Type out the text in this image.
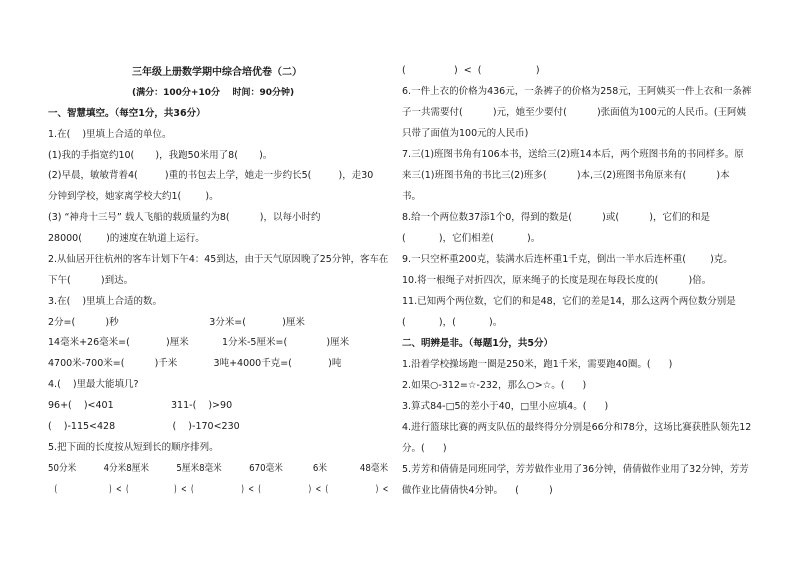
三年级上册数学期中综合培优卷（二）
(满分：100分+10分    时间：90分钟)
一、智慧填空。（每空1分，共36分）
1.在(    )里填上合适的单位。
(1)我的手指宽约10(       )，我跑50米用了8(       )。
(2)早晨，敏敏背着4(         )重的书包去上学，她走一步约长5(         )，走30
分钟到学校，她家离学校大约1(        )。
(3) “神舟十三号” 载人飞船的载质量约为8(          )，以每小时约
28000(        )的速度在轨道上运行。
2.从仙居开往杭州的客车计划下午4：45到达，由于天气原因晚了25分钟，客车在
下午(          )到达。
3.在(    )里填上合适的数。
2分=(          )秒                              3分米=(            )厘米
14毫米+26毫米=(            )厘米           1分米-5厘米=(             )厘米
4700米-700米=(          )千米            3吨+4000千克=(            )吨
4.(    )里最大能填几?
96+(    )<401                   311-(    )>90
(    )-115<428                   (    )-170<230
5.把下面的长度按从短到长的顺序排列。
50分米          4分米8厘米          5厘米8毫米          670毫米           6米            48毫米
(                        )  <  (                     )  <  (                      )  <  (                      )  <  (                      )  <
(                )  <  (                  )
6.一件上衣的价格为436元，一条裤子的价格为258元，王阿姨买一件上衣和一条裤
子一共需要付(          )元，她至少要付(          )张面值为100元的人民币。(王阿姨
只带了面值为100元的人民币)
7.三(1)班图书角有106本书，送给三(2)班14本后，两个班图书角的书同样多。原
来三(1)班图书角的书比三(2)班多(          )本,三(2)班图书角原来有(          )本
书。
8.给一个两位数37添1个0，得到的数是(          )或(          )，它们的和是
(           )，它们相差(           )。
9.一只空杯重200克，装满水后连杯重1千克，倒出一半水后连杯重(        )克。
10.将一根绳子对折四次，原来绳子的长度是现在每段长度的(          )倍。
11.已知两个两位数，它们的和是48，它们的差是14，那么这两个两位数分别是
(           )，(           )。
二、明辨是非。（每题1分，共5分）
1.沿着学校操场跑一圈是250米，跑1千米，需要跑40圈。(      )
2.如果○-312=☆-232，那么○>☆。(      )
3.算式84-□5的差小于40，□里小应填4。(      )
4.进行篮球比赛的两支队伍的最终得分分别是66分和78分，这场比赛获胜队领先12
分。(      )
5.芳芳和倩倩是同班同学，芳芳做作业用了36分钟，倩倩做作业用了32分钟，芳芳
做作业比倩倩快4分钟。    (          )
